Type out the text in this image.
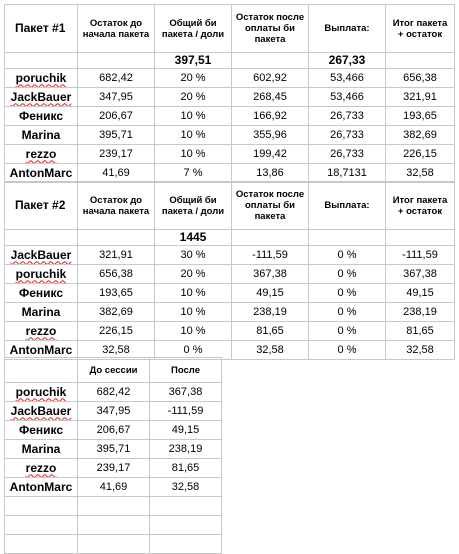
Пакет #1	Остаток до начала пакета	Общий би пакета / доли	Остаток после оплаты би пакета	Выплата:	Итог пакета + остаток
		397,51		267,33	
poruchik	682,42	20 %	602,92	53,466	656,38
JackBauer	347,95	20 %	268,45	53,466	321,91
Феникс	206,67	10 %	166,92	26,733	193,65
Marina	395,71	10 %	355,96	26,733	382,69
rezzo	239,17	10 %	199,42	26,733	226,15
AntonMarc	41,69	7 %	13,86	18,7131	32,58
Пакет #2	Остаток до начала пакета	Общий би пакета / доли	Остаток после оплаты би пакета	Выплата:	Итог пакета + остаток
		1445			
JackBauer	321,91	30 %	-111,59	0 %	-111,59
poruchik	656,38	20 %	367,38	0 %	367,38
Феникс	193,65	10 %	49,15	0 %	49,15
Marina	382,69	10 %	238,19	0 %	238,19
rezzo	226,15	10 %	81,65	0 %	81,65
AntonMarc	32,58	0 %	32,58	0 %	32,58
	До сессии	После
poruchik	682,42	367,38
JackBauer	347,95	-111,59
Феникс	206,67	49,15
Marina	395,71	238,19
rezzo	239,17	81,65
AntonMarc	41,69	32,58
